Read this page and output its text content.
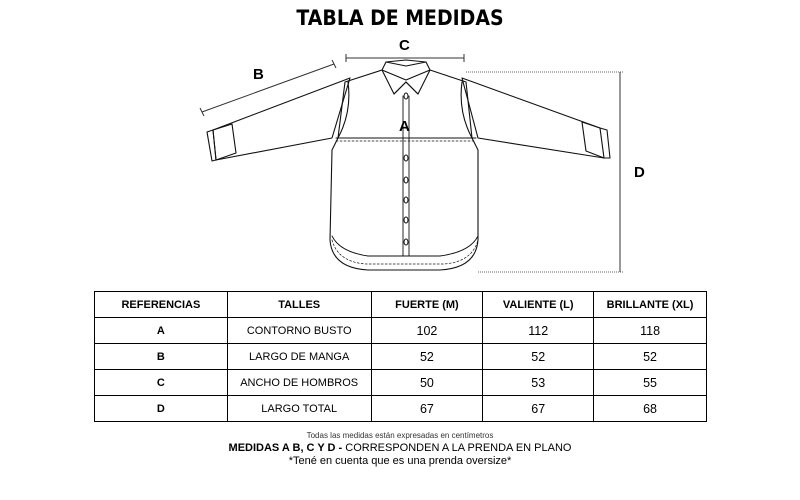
TABLA DE MEDIDAS
A
B
C
D
REFERENCIAS	TALLES	FUERTE (M)	VALIENTE (L)	BRILLANTE (XL)
A	CONTORNO BUSTO	102	112	118
B	LARGO DE MANGA	52	52	52
C	ANCHO DE HOMBROS	50	53	55
D	LARGO TOTAL	67	67	68
Todas las medidas están expresadas en centímetros
MEDIDAS A B, C Y D - CORRESPONDEN A LA PRENDA EN PLANO
*Tené en cuenta que es una prenda oversize*
